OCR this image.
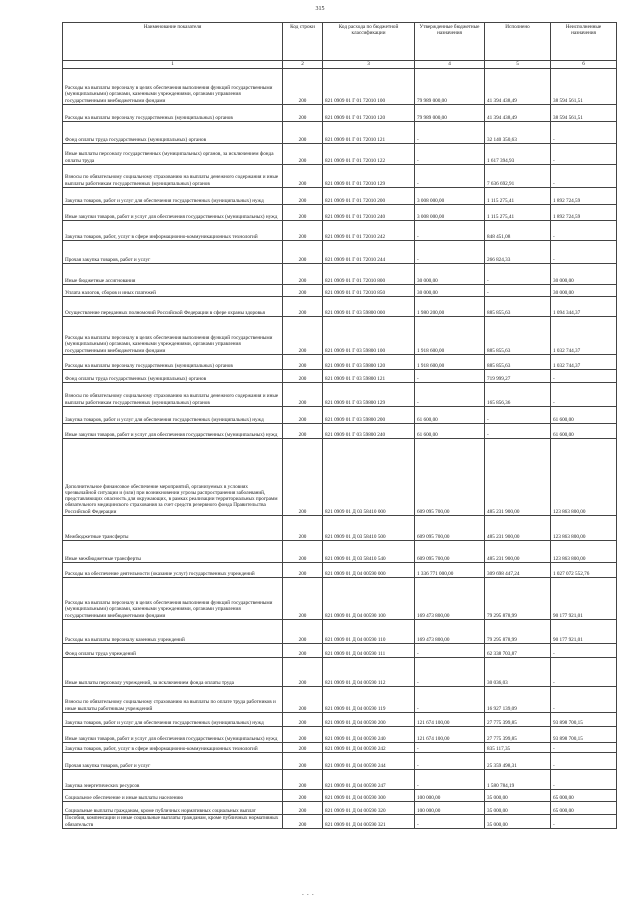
315
Наименование показателя	Код строки	Код расхода по бюджетной классификации	Утвержденные бюджетные назначения	Исполнено	Неисполненные назначения
1	2	3	4	5	6
Расходы на выплаты персоналу в целях обеспечения выполнения функций государственными (муниципальными) органами, казенными учреждениями, органами управления государственными внебюджетными фондами	200	821 0909 01 Г 01 72010 100	79 989 000,00	41 394 438,49	38 594 561,51
Расходы на выплаты персоналу государственных (муниципальных) органов	200	821 0909 01 Г 01 72010 120	79 989 000,00	41 394 438,49	38 594 561,51
Фонд оплаты труда государственных (муниципальных) органов	200	821 0909 01 Г 01 72010 121	-	32 140 350,63	-
Иные выплаты персоналу государственных (муниципальных) органов, за исключением фонда оплаты труда	200	821 0909 01 Г 01 72010 122	-	1 617 394,93	-
Взносы по обязательному социальному страхованию на выплаты денежного содержания и иные выплаты работникам государственных (муниципальных) органов	200	821 0909 01 Г 01 72010 129	-	7 636 692,91	-
Закупка товаров, работ и услуг для обеспечения государственных (муниципальных) нужд	200	821 0909 01 Г 01 72010 200	3 008 000,00	1 115 275,41	1 892 724,59
Иные закупки товаров, работ и услуг для обеспечения государственных (муниципальных) нужд	200	821 0909 01 Г 01 72010 240	3 008 000,00	1 115 275,41	1 892 724,59
Закупка товаров, работ, услуг в сфере информационно-коммуникационных технологий	200	821 0909 01 Г 01 72010 242	-	848 451,08	-
Прочая закупка товаров, работ и услуг	200	821 0909 01 Г 01 72010 244	-	266 824,33	-
Иные бюджетные ассигнования	200	821 0909 01 Г 01 72010 800	30 000,00	-	30 000,00
Уплата налогов, сборов и иных платежей	200	821 0909 01 Г 01 72010 850	30 000,00	-	30 000,00
Осуществление переданных полномочий Российской Федерации в сфере охраны здоровья	200	821 0909 01 Г 03 59800 000	1 980 200,00	885 855,63	1 094 344,37
Расходы на выплаты персоналу в целях обеспечения выполнения функций государственными (муниципальными) органами, казенными учреждениями, органами управления государственными внебюджетными фондами	200	821 0909 01 Г 03 59800 100	1 918 600,00	885 855,63	1 032 744,37
Расходы на выплаты персоналу государственных (муниципальных) органов	200	821 0909 01 Г 03 59800 120	1 918 600,00	885 855,63	1 032 744,37
Фонд оплаты труда государственных (муниципальных) органов	200	821 0909 01 Г 03 59800 121	-	719 999,27	-
Взносы по обязательному социальному страхованию на выплаты денежного содержания и иные выплаты работникам государственных (муниципальных) органов	200	821 0909 01 Г 03 59800 129	-	165 856,36	-
Закупка товаров, работ и услуг для обеспечения государственных (муниципальных) нужд	200	821 0909 01 Г 03 59800 200	61 600,00	-	61 600,00
Иные закупки товаров, работ и услуг для обеспечения государственных (муниципальных) нужд	200	821 0909 01 Г 03 59800 240	61 600,00	-	61 600,00
Дополнительное финансовое обеспечение мероприятий, организуемых в условиях чрезвычайной ситуации и (или) при возникновении угрозы распространения заболеваний, представляющих опасность для окружающих, в рамках реализации территориальных программ обязательного медицинского страхования за счет средств резервного фонда Правительства Российской Федерации	200	821 0909 01 Д 03 58410 000	609 095 700,00	485 231 900,00	123 863 800,00
Межбюджетные трансферты	200	821 0909 01 Д 03 58410 500	609 095 700,00	485 231 900,00	123 863 800,00
Иные межбюджетные трансферты	200	821 0909 01 Д 03 58410 540	609 095 700,00	485 231 900,00	123 863 800,00
Расходы на обеспечение деятельности (оказание услуг) государственных учреждений	200	821 0909 01 Д 04 00590 000	1 336 771 000,00	309 698 447,24	1 027 072 552,76
Расходы на выплаты персоналу в целях обеспечения выполнения функций государственными (муниципальными) органами, казенными учреждениями, органами управления государственными внебюджетными фондами	200	821 0909 01 Д 04 00590 100	169 473 800,00	79 295 878,99	90 177 921,01
Расходы на выплаты персоналу казенных учреждений	200	821 0909 01 Д 04 00590 110	169 473 800,00	79 295 878,99	90 177 921,01
Фонд оплаты труда учреждений	200	821 0909 01 Д 04 00590 111	-	62 338 703,87	-
Иные выплаты персоналу учреждений, за исключением фонда оплаты труда	200	821 0909 01 Д 04 00590 112	-	30 036,03	-
Взносы по обязательному социальному страхованию на выплаты по оплате труда работников и иные выплаты работникам учреждений	200	821 0909 01 Д 04 00590 119	-	16 927 139,09	-
Закупка товаров, работ и услуг для обеспечения государственных (муниципальных) нужд	200	821 0909 01 Д 04 00590 200	121 674 100,00	27 775 399,85	93 898 700,15
Иные закупки товаров, работ и услуг для обеспечения государственных (муниципальных) нужд	200	821 0909 01 Д 04 00590 240	121 674 100,00	27 775 399,85	93 898 700,15
Закупка товаров, работ, услуг в сфере информационно-коммуникационных технологий	200	821 0909 01 Д 04 00590 242	-	835 117,35	-
Прочая закупка товаров, работ и услуг	200	821 0909 01 Д 04 00590 244	-	25 359 498,31	-
Закупка энергетических ресурсов	200	821 0909 01 Д 04 00590 247	-	1 580 784,19	-
Социальное обеспечение и иные выплаты населению	200	821 0909 01 Д 04 00590 300	100 000,00	35 000,00	65 000,00
Социальные выплаты гражданам, кроме публичных нормативных социальных выплат	200	821 0909 01 Д 04 00590 320	100 000,00	35 000,00	65 000,00
Пособия, компенсации и иные социальные выплаты гражданам, кроме публичных нормативных обязательств	200	821 0909 01 Д 04 00590 321	-	35 000,00	-
- - -
